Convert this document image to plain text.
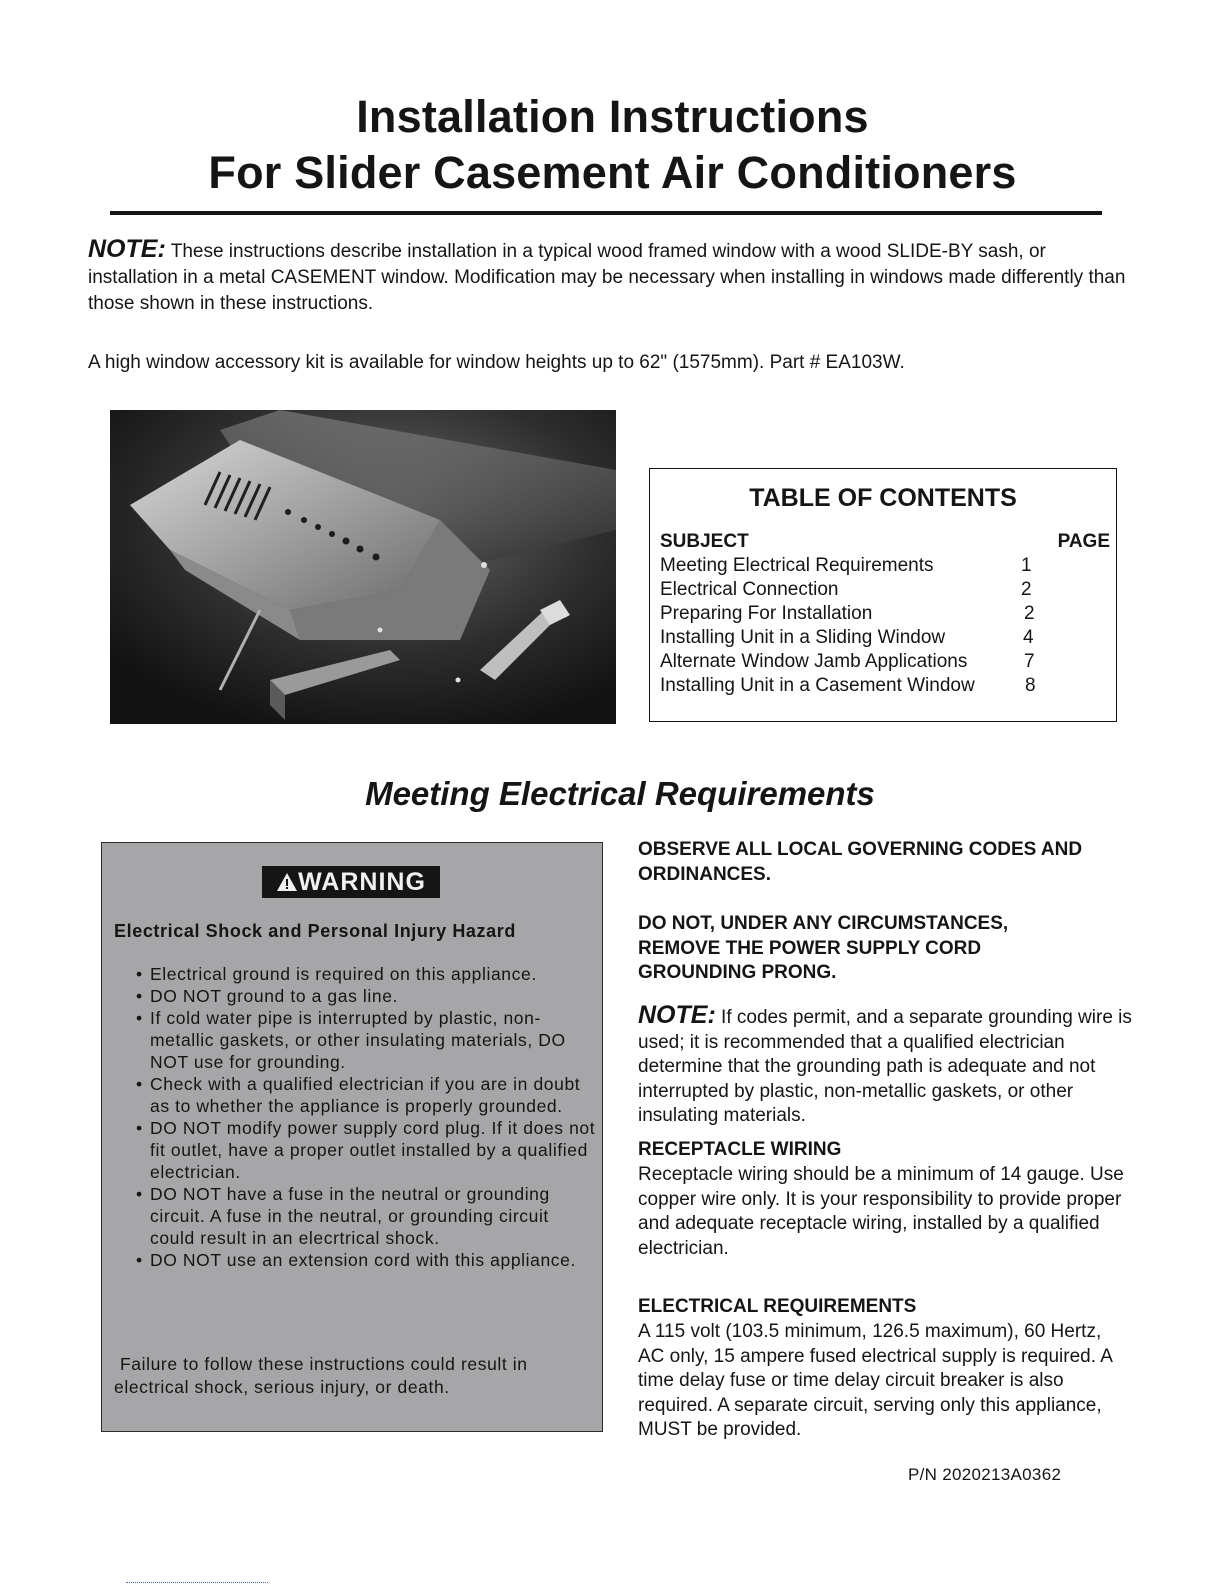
Installation Instructions
For Slider Casement Air Conditioners
NOTE: These instructions describe installation in a typical wood framed window with a wood SLIDE-BY sash, or installation in a metal CASEMENT window. Modification may be necessary when installing in windows made differently than those shown in these instructions.
A high window accessory kit is available for window heights up to 62" (1575mm). Part # EA103W.
TABLE OF CONTENTS
SUBJECT	PAGE
Meeting Electrical Requirements	1
Electrical Connection	2
Preparing For Installation	2
Installing Unit in a Sliding Window	4
Alternate Window Jamb Applications	7
Installing Unit in a Casement Window	8
Meeting Electrical Requirements
WARNING
Electrical Shock and Personal Injury Hazard
• Electrical ground is required on this appliance.
• DO NOT ground to a gas line.
• If cold water pipe is interrupted by plastic, non-metallic gaskets, or other insulating materials, DO NOT use for grounding.
• Check with a qualified electrician if you are in doubt as to whether the appliance is properly grounded.
• DO NOT modify power supply cord plug. If it does not fit outlet, have a proper outlet installed by a qualified electrician.
• DO NOT have a fuse in the neutral or grounding circuit. A fuse in the neutral, or grounding circuit could result in an elecrtrical shock.
• DO NOT use an extension cord with this appliance.
Failure to follow these instructions could result in electrical shock, serious injury, or death.
OBSERVE ALL LOCAL GOVERNING CODES AND ORDINANCES.
DO NOT, UNDER ANY CIRCUMSTANCES, REMOVE THE POWER SUPPLY CORD GROUNDING PRONG.
NOTE: If codes permit, and a separate grounding wire is used; it is recommended that a qualified electrician determine that the grounding path is adequate and not interrupted by plastic, non-metallic gaskets, or other insulating materials.
RECEPTACLE WIRING
Receptacle wiring should be a minimum of 14 gauge. Use copper wire only. It is your responsibility to provide proper and adequate receptacle wiring, installed by a qualified electrician.
ELECTRICAL REQUIREMENTS
A 115 volt (103.5 minimum, 126.5 maximum), 60 Hertz, AC only, 15 ampere fused electrical supply is required. A time delay fuse or time delay circuit breaker is also required. A separate circuit, serving only this appliance, MUST be provided.
P/N 2020213A0362
